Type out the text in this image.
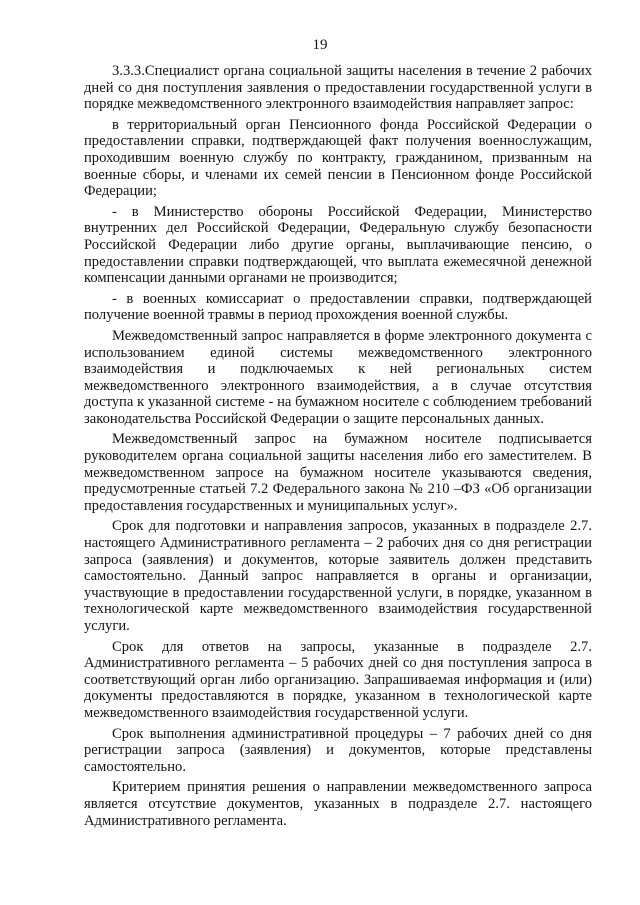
19

3.3.3.Специалист органа социальной защиты населения в течение 2 рабочих дней со дня поступления заявления о предоставлении государственной услуги в порядке межведомственного электронного взаимодействия направляет запрос:

в территориальный орган Пенсионного фонда Российской Федерации о предоставлении справки, подтверждающей факт получения военнослужащим, проходившим военную службу по контракту, гражданином, призванным на военные сборы, и членами их семей пенсии в Пенсионном фонде Российской Федерации;

- в Министерство обороны Российской Федерации, Министерство внутренних дел Российской Федерации, Федеральную службу безопасности Российской Федерации либо другие органы, выплачивающие пенсию, о предоставлении справки подтверждающей, что выплата ежемесячной денежной компенсации данными органами не производится;

- в военных комиссариат о предоставлении справки, подтверждающей получение военной травмы в период прохождения военной службы.

Межведомственный запрос направляется в форме электронного документа с использованием единой системы межведомственного электронного взаимодействия и подключаемых к ней региональных систем межведомственного электронного взаимодействия, а в случае отсутствия доступа к указанной системе - на бумажном носителе с соблюдением требований законодательства Российской Федерации о защите персональных данных.

Межведомственный запрос на бумажном носителе подписывается руководителем органа социальной защиты населения либо его заместителем. В межведомственном запросе на бумажном носителе указываются сведения, предусмотренные статьей 7.2 Федерального закона № 210 –ФЗ «Об организации предоставления государственных и муниципальных услуг».

Срок для подготовки и направления запросов, указанных в подразделе 2.7. настоящего Административного регламента – 2 рабочих дня со дня регистрации запроса (заявления) и документов, которые заявитель должен представить самостоятельно. Данный запрос направляется в органы и организации, участвующие в предоставлении государственной услуги, в порядке, указанном в технологической карте межведомственного взаимодействия государственной услуги.

Срок для ответов на запросы, указанные в подразделе 2.7. Административного регламента – 5 рабочих дней со дня поступления запроса в соответствующий орган либо организацию. Запрашиваемая информация и (или) документы предоставляются в порядке, указанном в технологической карте межведомственного взаимодействия государственной услуги.

Срок выполнения административной процедуры – 7 рабочих дней со дня регистрации запроса (заявления) и документов, которые представлены самостоятельно.

Критерием принятия решения о направлении межведомственного запроса является отсутствие документов, указанных в подразделе 2.7. настоящего Административного регламента.
